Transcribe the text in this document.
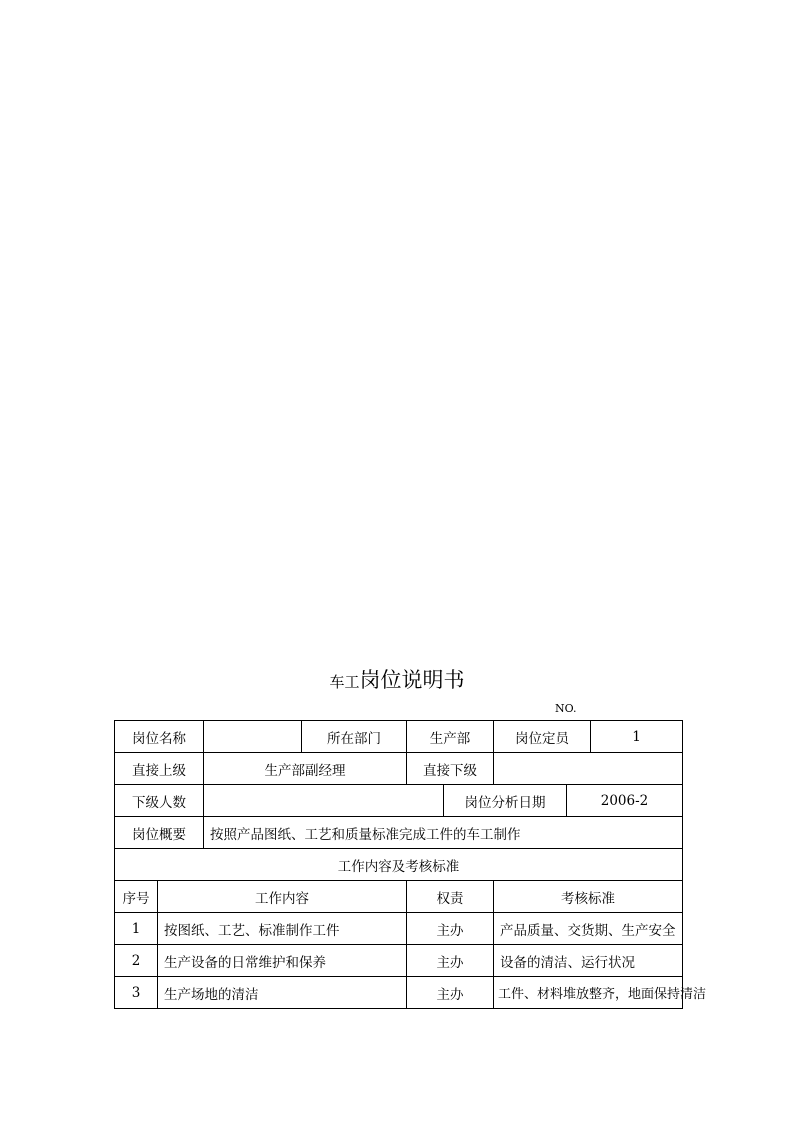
车工岗位说明书
NO.
岗位名称			所在部门	生产部		岗位定员		1
直接上级		生产部副经理		直接下级				
下级人数					岗位分析日期		2006-2	
岗位概要		按照产品图纸、工艺和质量标准完成工件的车工制作						
工作内容及考核标准								
序号	工作内容			权责		考核标准		
1	按图纸、工艺、标准制作工件			主办		产品质量、交货期、生产安全		
2	生产设备的日常维护和保养			主办		设备的清洁、运行状况		
3	生产场地的清洁			主办		工件、材料堆放整齐，地面保持清洁		
